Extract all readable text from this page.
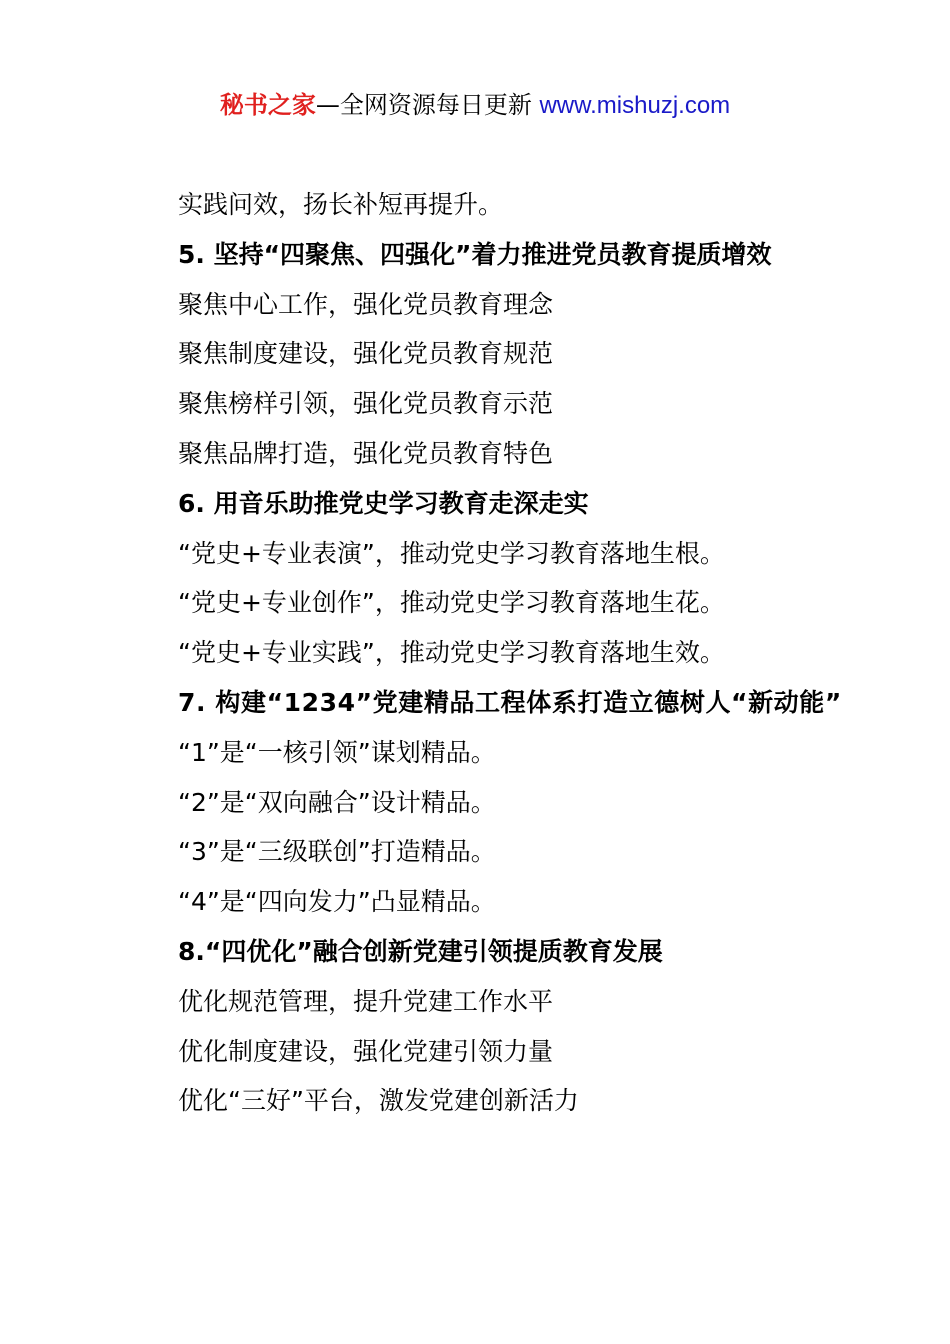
秘书之家—全网资源每日更新 www.mishuzj.com

实践问效，扬长补短再提升。

5. 坚持“四聚焦、四强化”着力推进党员教育提质增效

聚焦中心工作，强化党员教育理念

聚焦制度建设，强化党员教育规范

聚焦榜样引领，强化党员教育示范

聚焦品牌打造，强化党员教育特色

6. 用音乐助推党史学习教育走深走实

“党史+专业表演”，推动党史学习教育落地生根。

“党史+专业创作”，推动党史学习教育落地生花。

“党史+专业实践”，推动党史学习教育落地生效。

7. 构建“1234”党建精品工程体系打造立德树人“新动能”

“1”是“一核引领”谋划精品。

“2”是“双向融合”设计精品。

“3”是“三级联创”打造精品。

“4”是“四向发力”凸显精品。

8.“四优化”融合创新党建引领提质教育发展

优化规范管理，提升党建工作水平

优化制度建设，强化党建引领力量

优化“三好”平台，激发党建创新活力
